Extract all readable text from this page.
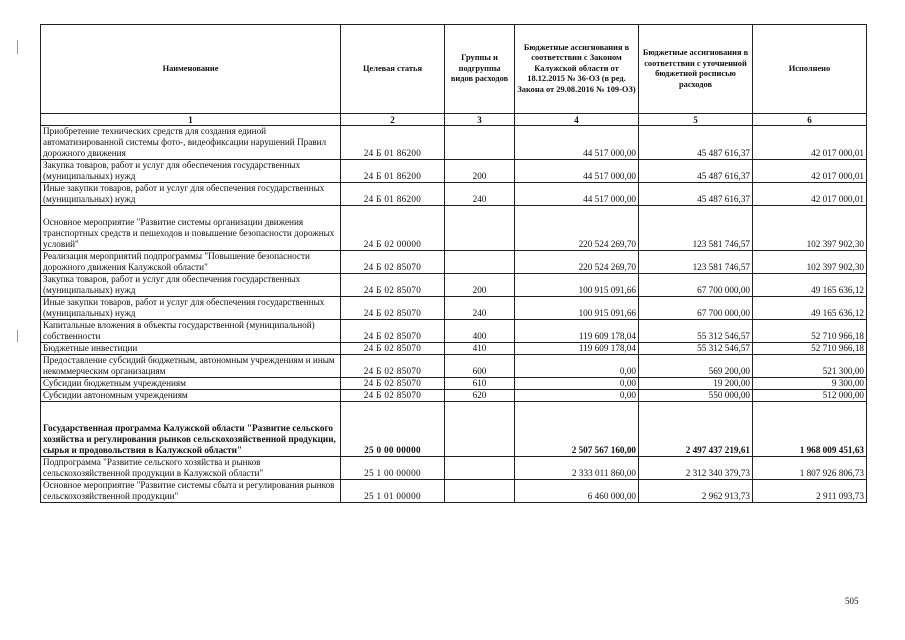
Наименование	Целевая статья	Группы и подгруппы видов расходов	Бюджетные ассигнования в соответствии с Законом Калужской области от 18.12.2015 № 36-ОЗ (в ред. Закона от 29.08.2016 № 109-ОЗ)	Бюджетные ассигнования в соответствии с уточненной бюджетной росписью расходов	Исполнено
1	2	3	4	5	6
Приобретение технических средств для создания единой автоматизированной системы фото-, видеофиксации нарушений Правил дорожного движения	24 Б 01 86200		44 517 000,00	45 487 616,37	42 017 000,01
Закупка товаров, работ и услуг для обеспечения государственных (муниципальных) нужд	24 Б 01 86200	200	44 517 000,00	45 487 616,37	42 017 000,01
Иные закупки товаров, работ и услуг для обеспечения государственных (муниципальных) нужд	24 Б 01 86200	240	44 517 000,00	45 487 616,37	42 017 000,01
Основное мероприятие "Развитие системы организации движения транспортных средств и пешеходов и повышение безопасности дорожных условий"	24 Б 02 00000		220 524 269,70	123 581 746,57	102 397 902,30
Реализация мероприятий подпрограммы "Повышение безопасности дорожного движения Калужской области"	24 Б 02 85070		220 524 269,70	123 581 746,57	102 397 902,30
Закупка товаров, работ и услуг для обеспечения государственных (муниципальных) нужд	24 Б 02 85070	200	100 915 091,66	67 700 000,00	49 165 636,12
Иные закупки товаров, работ и услуг для обеспечения государственных (муниципальных) нужд	24 Б 02 85070	240	100 915 091,66	67 700 000,00	49 165 636,12
Капитальные вложения в объекты государственной (муниципальной) собственности	24 Б 02 85070	400	119 609 178,04	55 312 546,57	52 710 966,18
Бюджетные инвестиции	24 Б 02 85070	410	119 609 178,04	55 312 546,57	52 710 966,18
Предоставление субсидий бюджетным, автономным учреждениям и иным некоммерческим организациям	24 Б 02 85070	600	0,00	569 200,00	521 300,00
Субсидии бюджетным учреждениям	24 Б 02 85070	610	0,00	19 200,00	9 300,00
Субсидии автономным учреждениям	24 Б 02 85070	620	0,00	550 000,00	512 000,00
Государственная программа Калужской области "Развитие сельского хозяйства и регулирования рынков сельскохозяйственной продукции, сырья и продовольствия в Калужской области"	25 0 00 00000		2 507 567 160,00	2 497 437 219,61	1 968 009 451,63
Подпрограмма "Развитие сельского хозяйства и рынков сельскохозяйственной продукции в Калужской области"	25 1 00 00000		2 333 011 860,00	2 312 340 379,73	1 807 926 806,73
Основное мероприятие "Развитие системы сбыта и регулирования рынков сельскохозяйственной продукции"	25 1 01 00000		6 460 000,00	2 962 913,73	2 911 093,73
505
